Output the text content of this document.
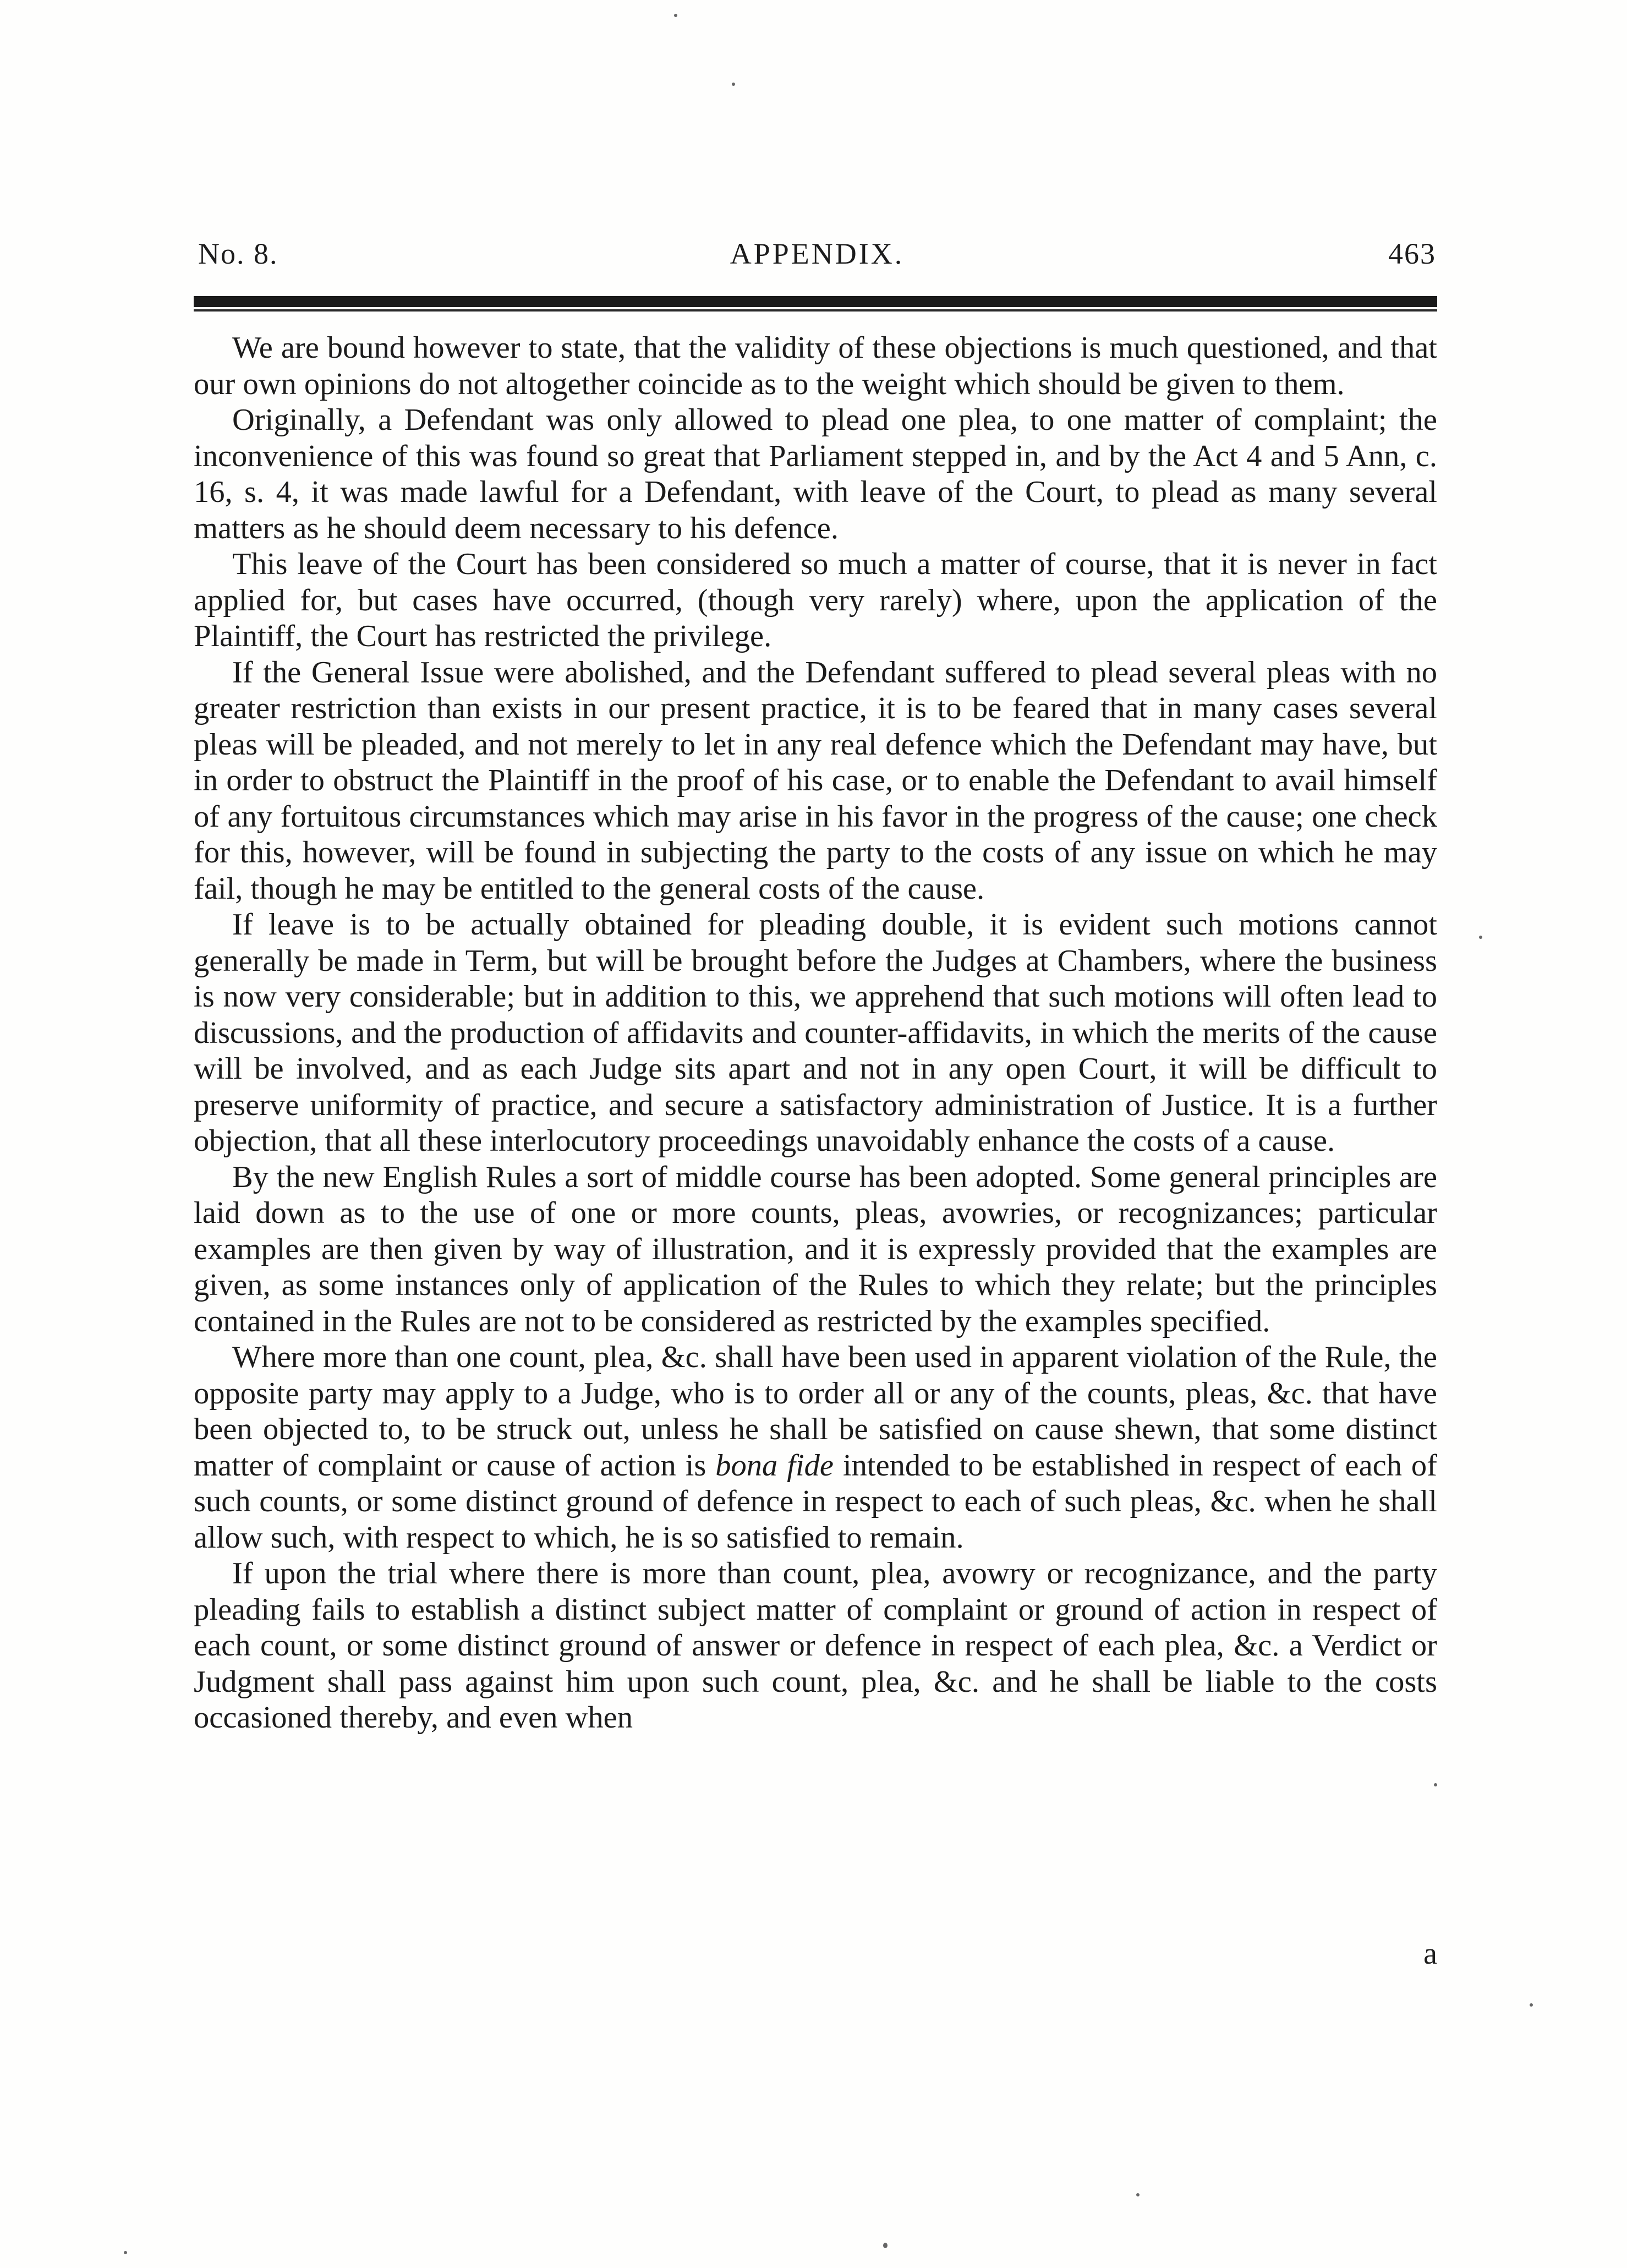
No. 8.	APPENDIX.	463

We are bound however to state, that the validity of these objections is much questioned, and that our own opinions do not altogether coincide as to the weight which should be given to them.

Originally, a Defendant was only allowed to plead one plea, to one matter of complaint; the inconvenience of this was found so great that Parliament stepped in, and by the Act 4 and 5 Ann, c. 16, s. 4, it was made lawful for a Defendant, with leave of the Court, to plead as many several matters as he should deem necessary to his defence.

This leave of the Court has been considered so much a matter of course, that it is never in fact applied for, but cases have occurred, (though very rarely) where, upon the application of the Plaintiff, the Court has restricted the privilege.

If the General Issue were abolished, and the Defendant suffered to plead several pleas with no greater restriction than exists in our present practice, it is to be feared that in many cases several pleas will be pleaded, and not merely to let in any real defence which the Defendant may have, but in order to obstruct the Plaintiff in the proof of his case, or to enable the Defendant to avail himself of any fortuitous circumstances which may arise in his favor in the progress of the cause; one check for this, however, will be found in subjecting the party to the costs of any issue on which he may fail, though he may be entitled to the general costs of the cause.

If leave is to be actually obtained for pleading double, it is evident such motions cannot generally be made in Term, but will be brought before the Judges at Chambers, where the business is now very considerable; but in addition to this, we apprehend that such motions will often lead to discussions, and the production of affidavits and counter-affidavits, in which the merits of the cause will be involved, and as each Judge sits apart and not in any open Court, it will be difficult to preserve uniformity of practice, and secure a satisfactory administration of Justice. It is a further objection, that all these interlocutory proceedings unavoidably enhance the costs of a cause.

By the new English Rules a sort of middle course has been adopted. Some general principles are laid down as to the use of one or more counts, pleas, avowries, or recognizances; particular examples are then given by way of illustration, and it is expressly provided that the examples are given, as some instances only of application of the Rules to which they relate; but the principles contained in the Rules are not to be considered as restricted by the examples specified.

Where more than one count, plea, &c. shall have been used in apparent violation of the Rule, the opposite party may apply to a Judge, who is to order all or any of the counts, pleas, &c. that have been objected to, to be struck out, unless he shall be satisfied on cause shewn, that some distinct matter of complaint or cause of action is bona fide intended to be established in respect of each of such counts, or some distinct ground of defence in respect to each of such pleas, &c. when he shall allow such, with respect to which, he is so satisfied to remain.

If upon the trial where there is more than count, plea, avowry or recognizance, and the party pleading fails to establish a distinct subject matter of complaint or ground of action in respect of each count, or some distinct ground of answer or defence in respect of each plea, &c. a Verdict or Judgment shall pass against him upon such count, plea, &c. and he shall be liable to the costs occasioned thereby, and even when

a
